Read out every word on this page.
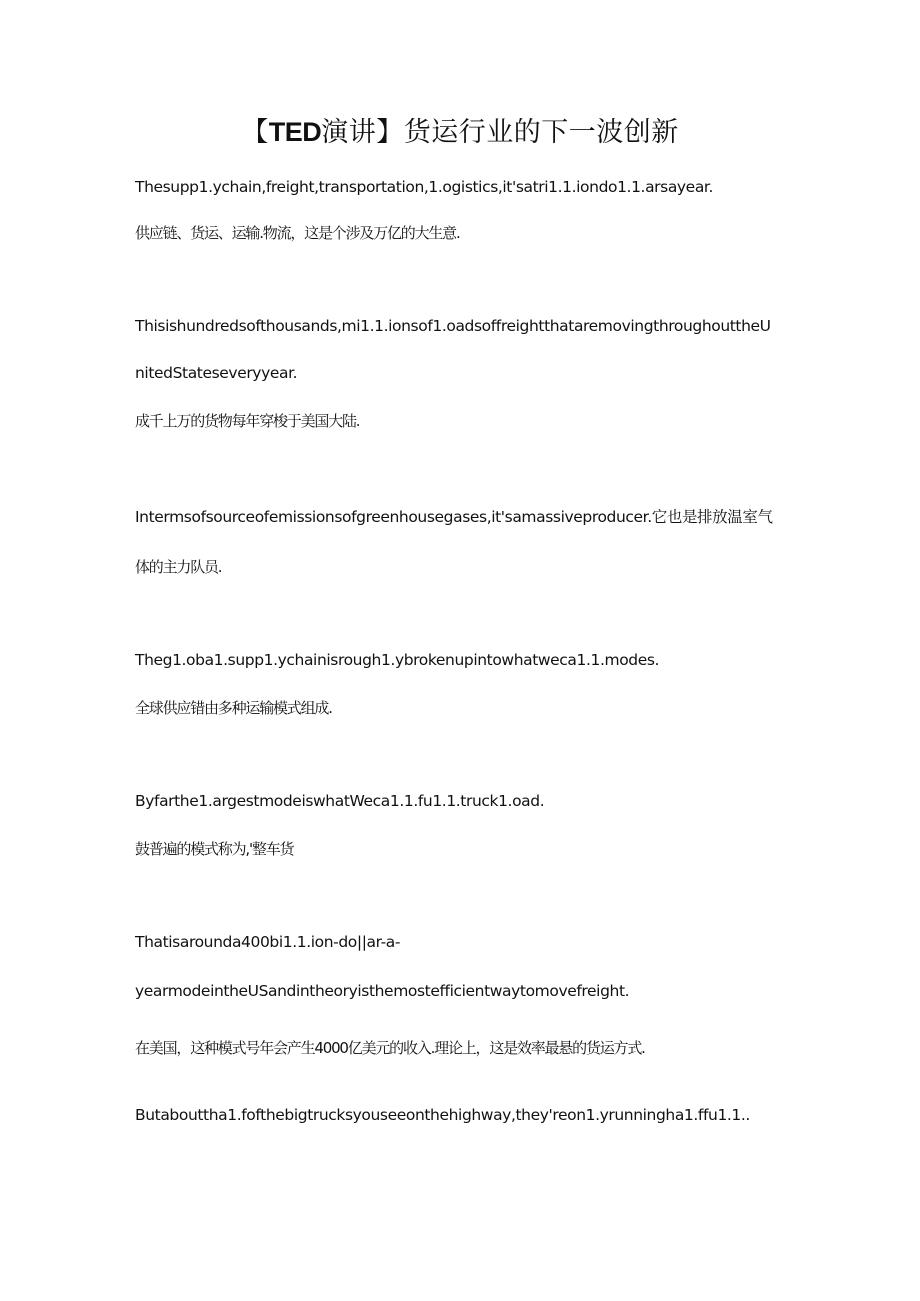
【TED演讲】货运行业的下一波创新
Thesupp1.ychain,freight,transportation,1.ogistics,it'satri1.1.iondo1.1.arsayear.
供应链、货运、运输.物流，这是个涉及万亿的大生意.
Thisishundredsofthousands,mi1.1.ionsof1.oadsoffreightthataremovingthroughouttheU
nitedStateseveryyear.
成千上万的货物每年穿梭于美国大陆.
Intermsofsourceofemissionsofgreenhousegases,it'samassiveproducer.它也是排放温室气
体的主力队员.
Theg1.oba1.supp1.ychainisrough1.ybrokenupintowhatweca1.1.modes.
全球供应错由多种运输模式组成.
Byfarthe1.argestmodeiswhatWeca1.1.fu1.1.truck1.oad.
鼓普遍的模式称为,'整车货
Thatisarounda400bi1.1.ion-do||ar-a-
yearmodeintheUSandintheoryisthemostefficientwaytomovefreight.
在美国，这种模式号年会产生4000亿美元的收入.理论上，这是效率最悬的货运方式.
Butabouttha1.fofthebigtrucksyouseeonthehighway,they'reon1.yrunningha1.ffu1.1..
